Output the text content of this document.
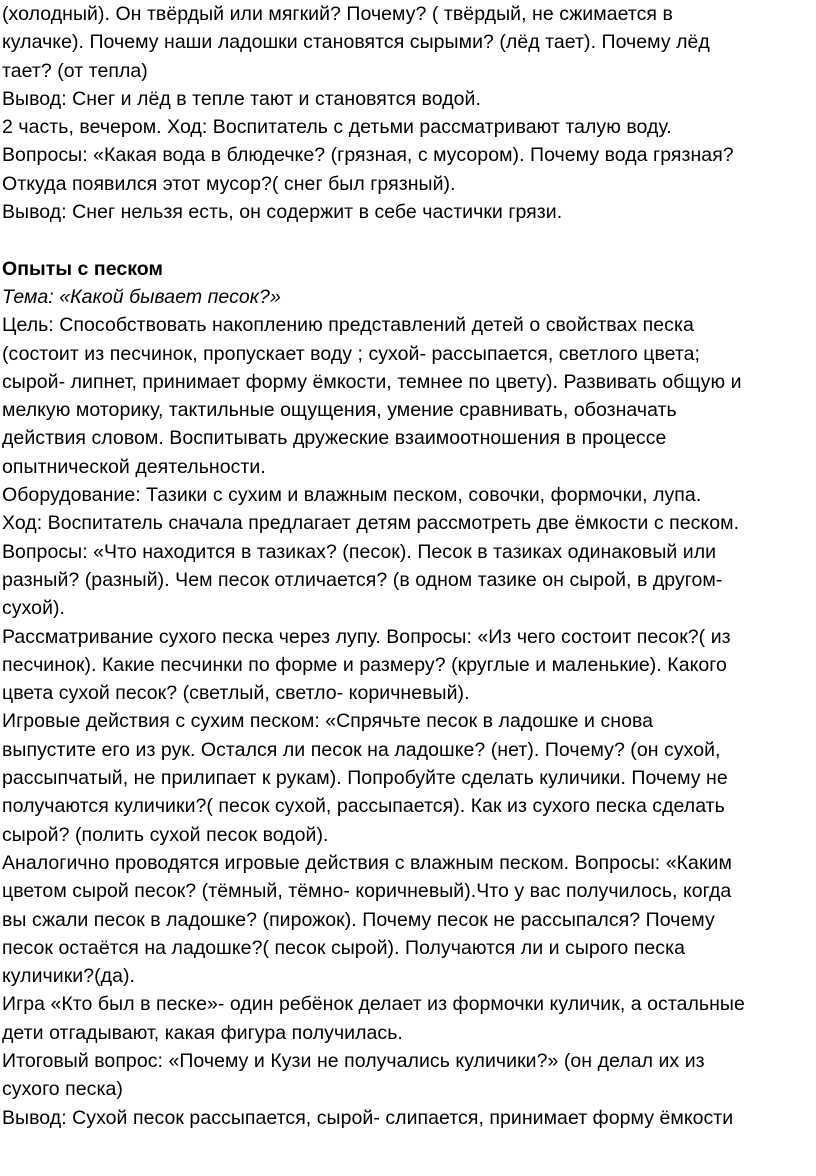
(холодный). Он твёрдый или мягкий? Почему? ( твёрдый, не сжимается в

кулачке). Почему наши ладошки становятся сырыми? (лёд тает). Почему лёд

тает? (от тепла)

Вывод: Снег и лёд в тепле тают и становятся водой.

2 часть, вечером. Ход: Воспитатель с детьми рассматривают талую воду.

Вопросы: «Какая вода в блюдечке? (грязная, с мусором). Почему вода грязная?

Откуда появился этот мусор?( снег был грязный).

Вывод: Снег нельзя есть, он содержит в себе частички грязи.

Опыты с песком

Тема: «Какой бывает песок?»

Цель: Способствовать накоплению представлений детей о свойствах песка

(состоит из песчинок, пропускает воду ; сухой- рассыпается, светлого цвета;

сырой- липнет, принимает форму ёмкости, темнее по цвету). Развивать общую и

мелкую моторику, тактильные ощущения, умение сравнивать, обозначать

действия словом. Воспитывать дружеские взаимоотношения в процессе

опытнической деятельности.

Оборудование: Тазики с сухим и влажным песком, совочки, формочки, лупа.

Ход: Воспитатель сначала предлагает детям рассмотреть две ёмкости с песком.

Вопросы: «Что находится в тазиках? (песок). Песок в тазиках одинаковый или

разный? (разный). Чем песок отличается? (в одном тазике он сырой, в другом-

сухой).

Рассматривание сухого песка через лупу. Вопросы: «Из чего состоит песок?( из

песчинок). Какие песчинки по форме и размеру? (круглые и маленькие). Какого

цвета сухой песок? (светлый, светло- коричневый).

Игровые действия с сухим песком: «Спрячьте песок в ладошке и снова

выпустите его из рук. Остался ли песок на ладошке? (нет). Почему? (он сухой,

рассыпчатый, не прилипает к рукам). Попробуйте сделать куличики. Почему не

получаются куличики?( песок сухой, рассыпается). Как из сухого песка сделать

сырой? (полить сухой песок водой).

Аналогично проводятся игровые действия с влажным песком. Вопросы: «Каким

цветом сырой песок? (тёмный, тёмно- коричневый).Что у вас получилось, когда

вы сжали песок в ладошке? (пирожок). Почему песок не рассыпался? Почему

песок остаётся на ладошке?( песок сырой). Получаются ли и сырого песка

куличики?(да).

Игра «Кто был в песке»- один ребёнок делает из формочки куличик, а остальные

дети отгадывают, какая фигура получилась.

Итоговый вопрос: «Почему и Кузи не получались куличики?» (он делал их из

сухого песка)

Вывод: Сухой песок рассыпается, сырой- слипается, принимает форму ёмкости
